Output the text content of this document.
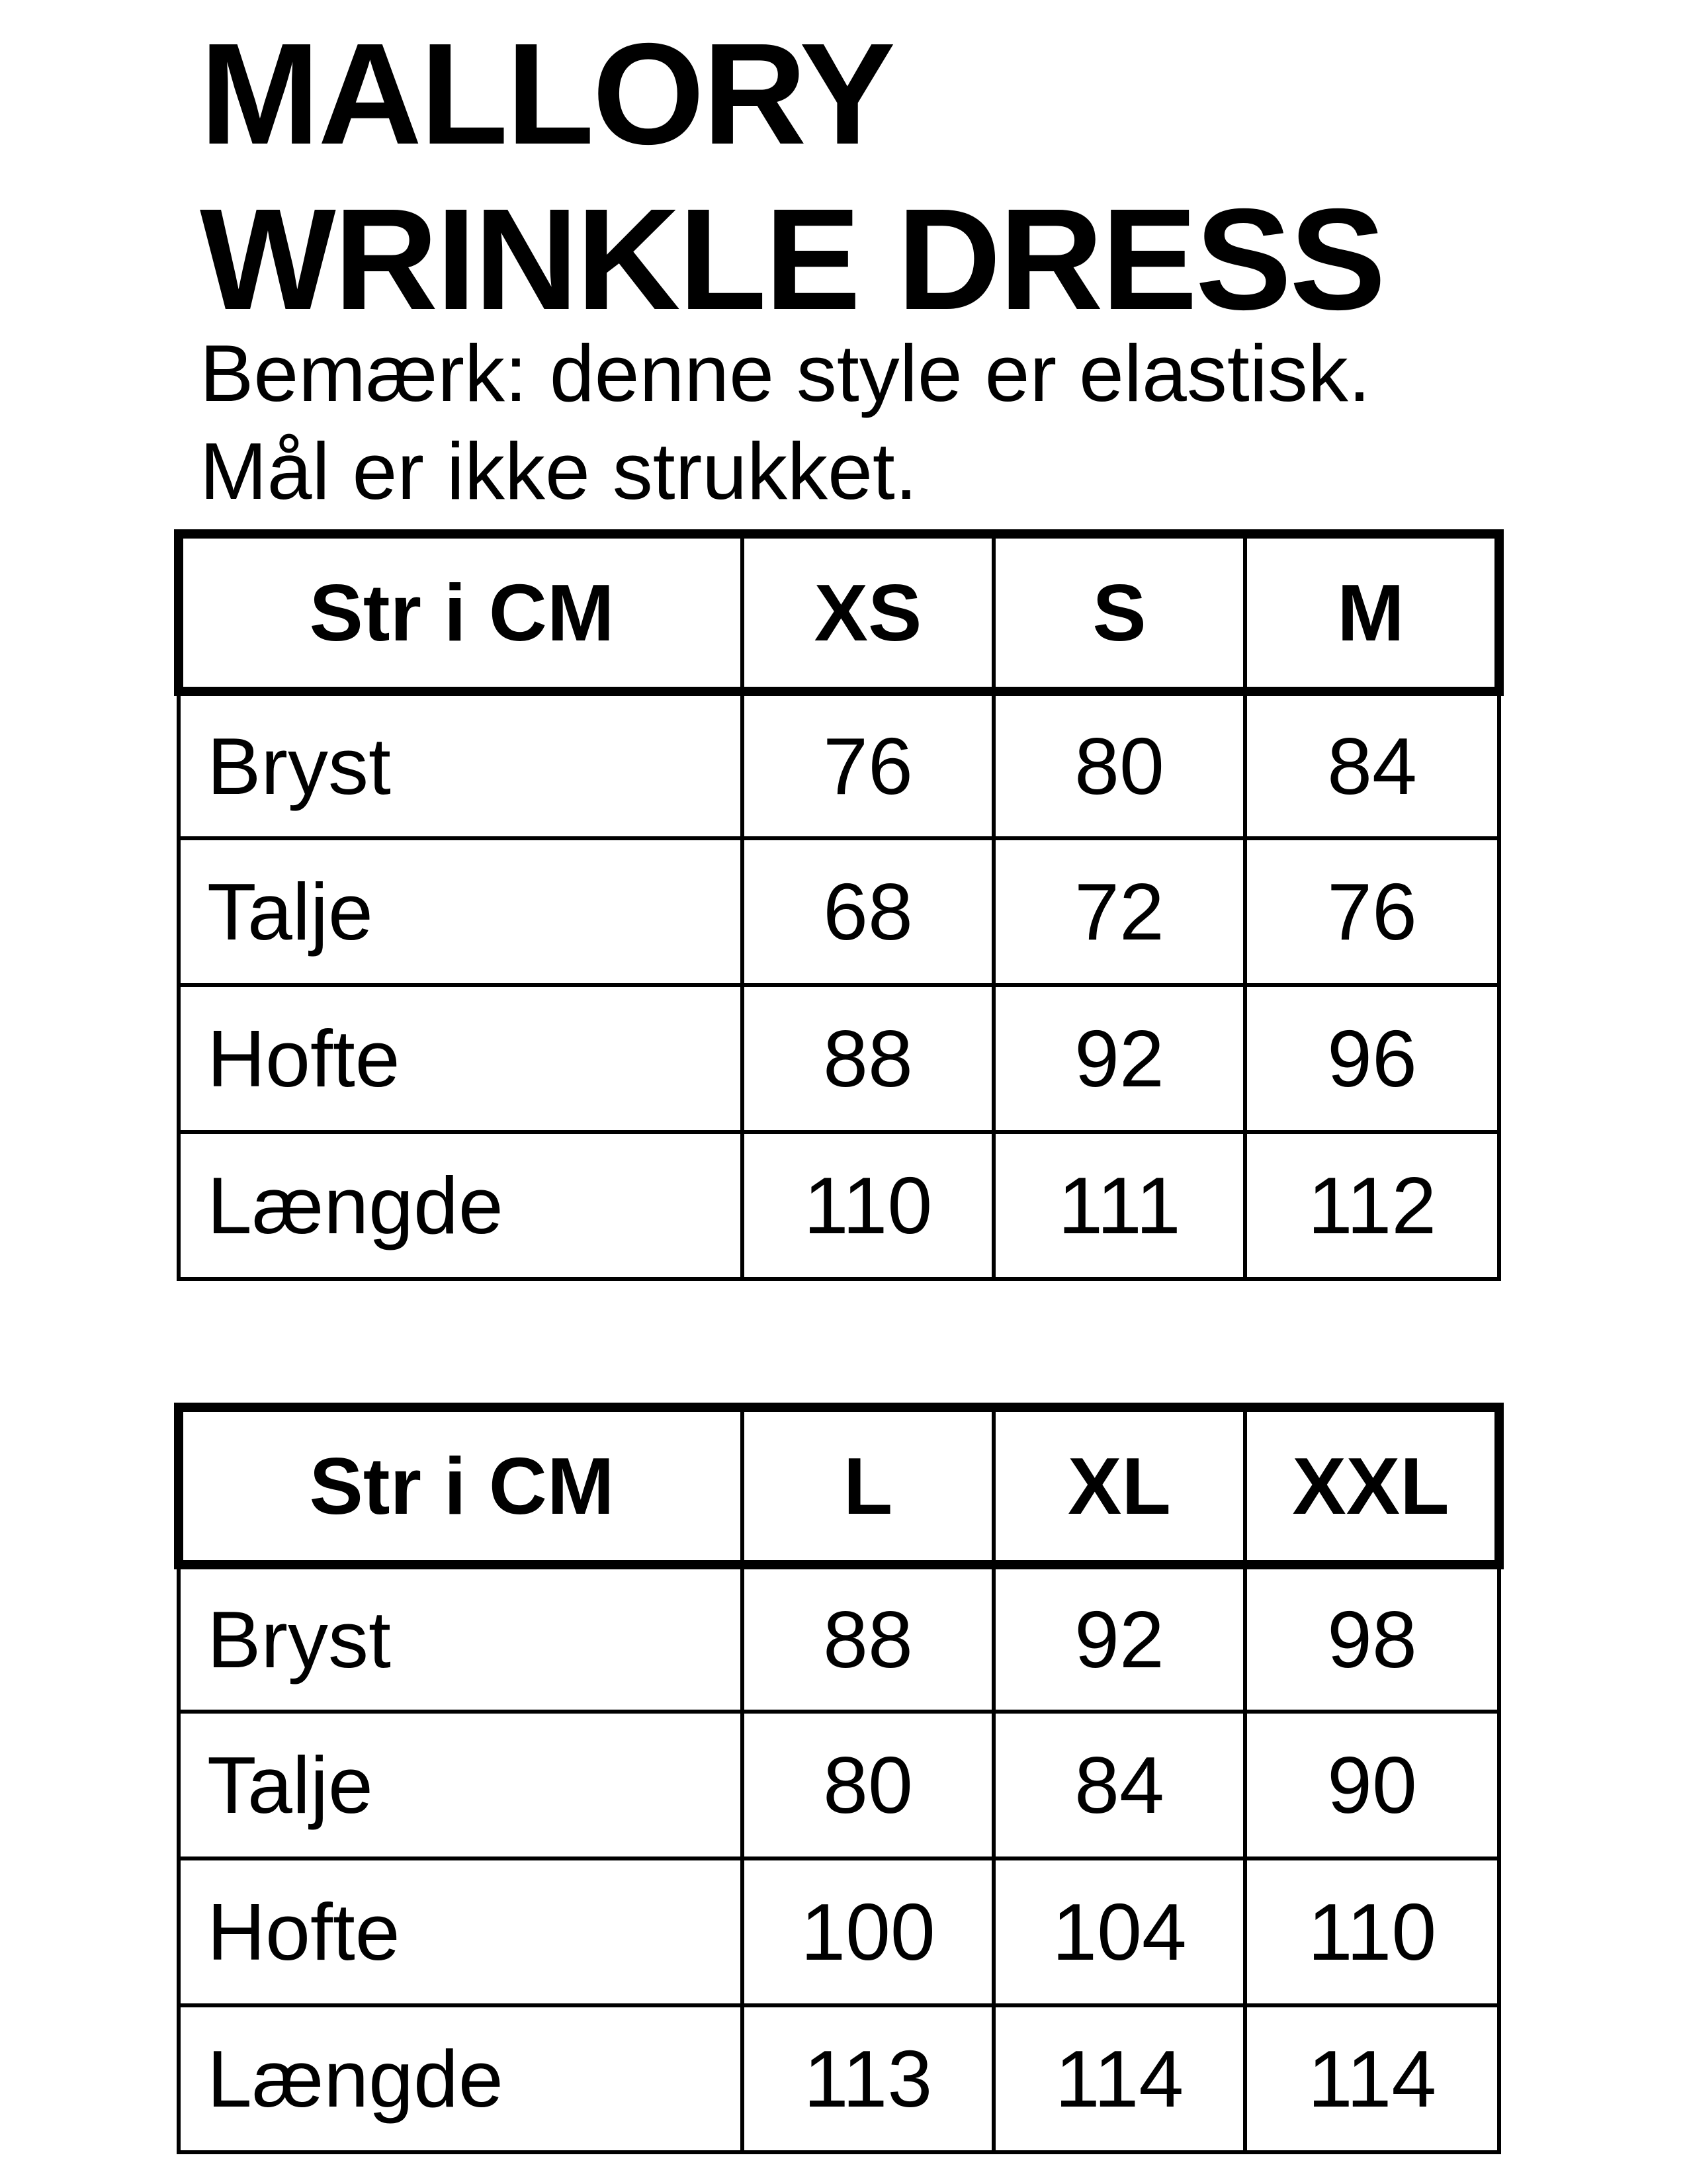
MALLORY
WRINKLE DRESS

Bemærk: denne style er elastisk.
Mål er ikke strukket.

Str i CM	XS	S	M
Bryst	76	80	84
Talje	68	72	76
Hofte	88	92	96
Længde	110	111	112
Str i CM	L	XL	XXL
Bryst	88	92	98
Talje	80	84	90
Hofte	100	104	110
Længde	113	114	114
